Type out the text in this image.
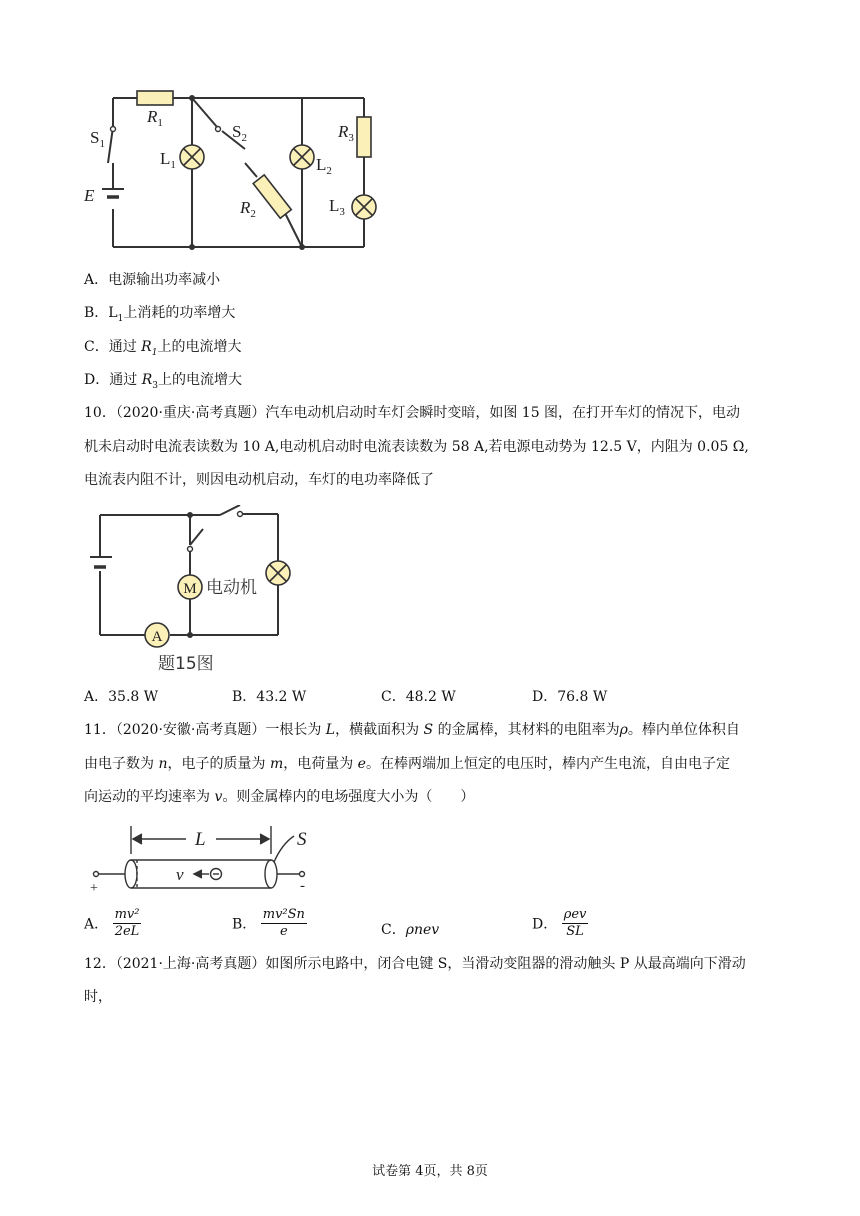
$S_1$
$R_1$	$S_2$
$L_1$	$L_2$
$R_2$
$R_3$
$L_3$
E
A．电源输出功率减小
B．$L_1$上消耗的功率增大
C．通过 $R_1$上的电流增大
D．通过 $R_3$上的电流增大
10．（2020·重庆·高考真题）汽车电动机启动时车灯会瞬时变暗，如图 15 图，在打开车灯的情况下，电动
机未启动时电流表读数为 10 A,电动机启动时电流表读数为 58 A,若电源电动势为 12.5 V，内阻为 0.05 Ω,
电流表内阻不计，则因电动机启动，车灯的电功率降低了
M
A
电动机
题15图
A．35.8 W	B．43.2 W	C．48.2 W	D．76.8 W
11．（2020·安徽·高考真题）一根长为 L，横截面积为 S 的金属棒，其材料的电阻率为ρ。棒内单位体积自
由电子数为 n，电子的质量为 m，电荷量为 e。在棒两端加上恒定的电压时，棒内产生电流，自由电子定
向运动的平均速率为 v。则金属棒内的电场强度大小为（　　）
L	S
v
+	-
A． $\frac{\text{mv²}}{2eL}$	B． $\frac{\text{mv²Sn}}{e}$	C．ρnev	D． $\frac{\text{ρev}}{SL}$
12．（2021·上海·高考真题）如图所示电路中，闭合电键 S，当滑动变阻器的滑动触头 P 从最高端向下滑动
时，
试卷第 4页，共 8页
